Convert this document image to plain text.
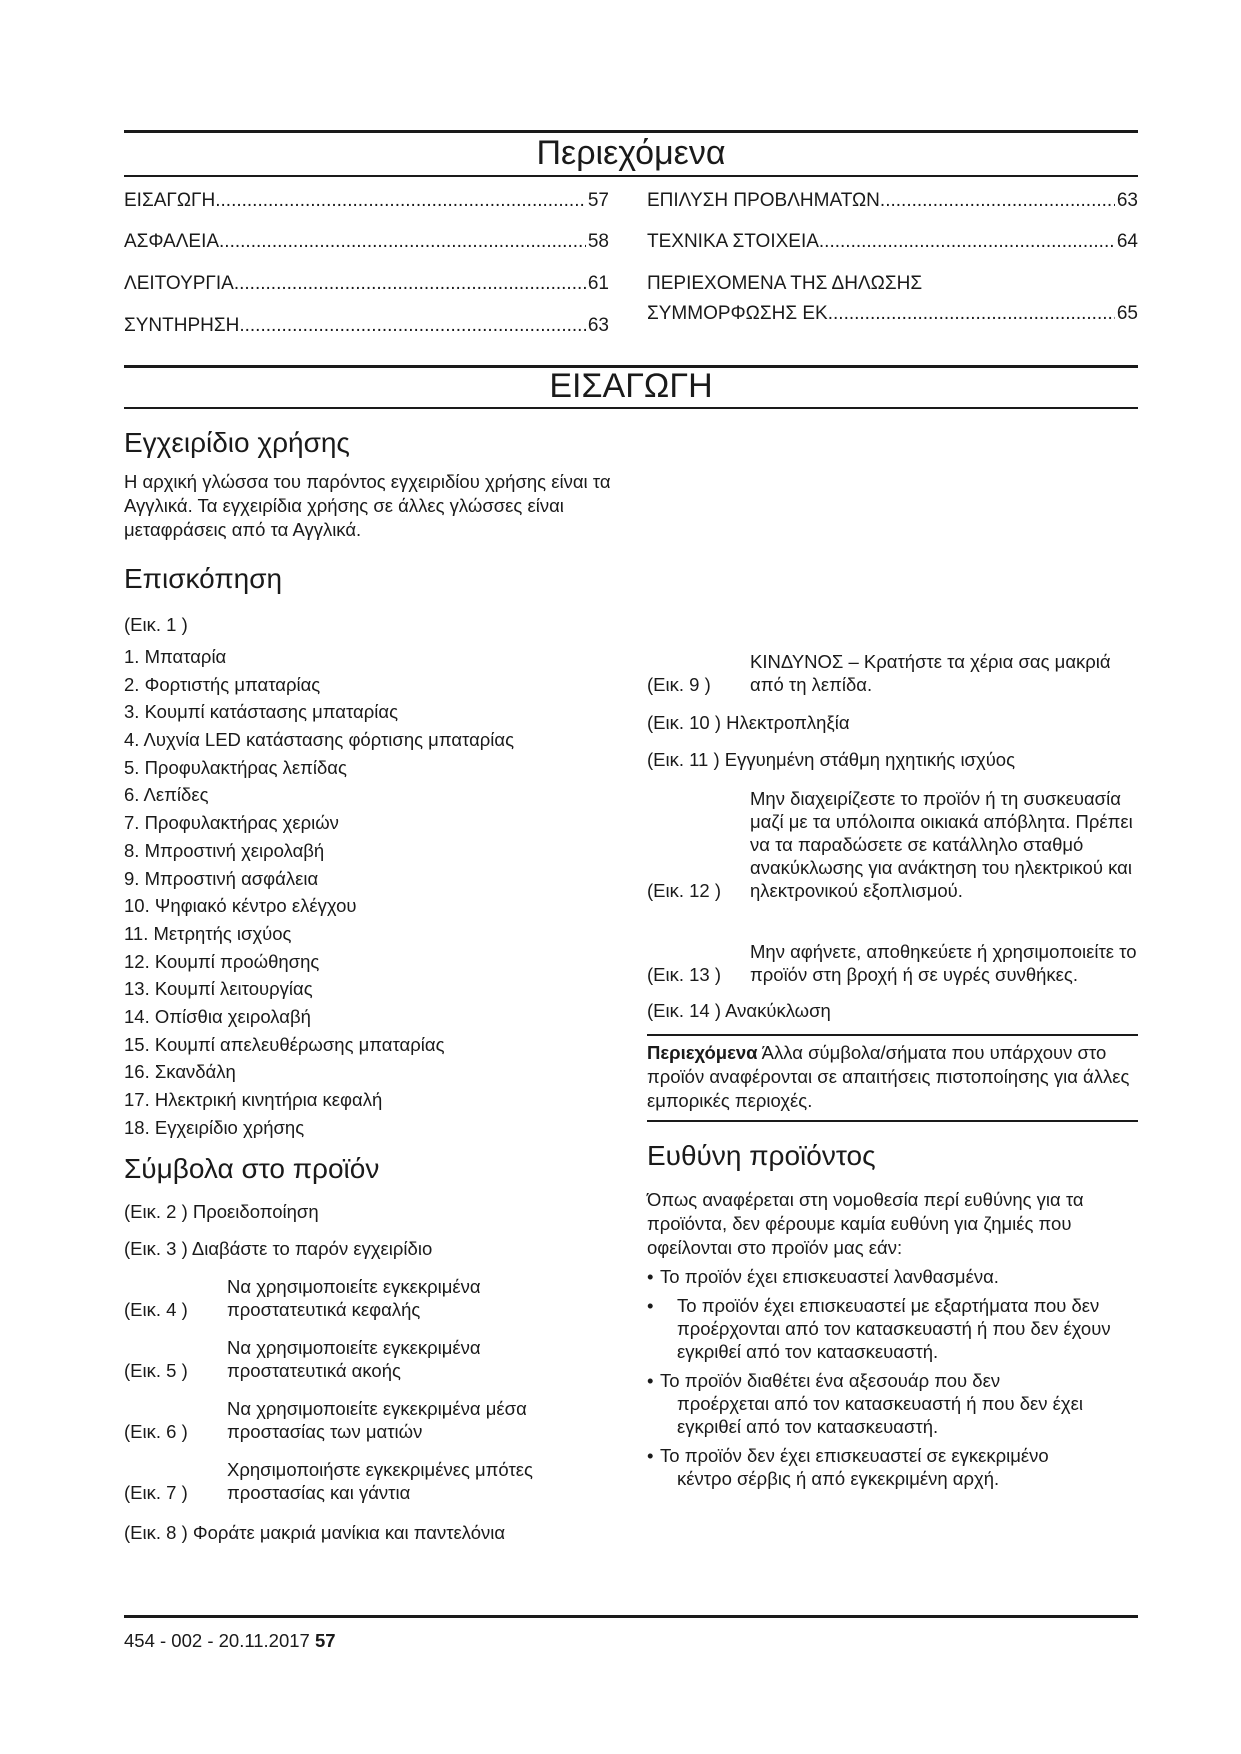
Περιεχόμενα
ΕΙΣΑΓΩΓΗ .....	57
ΑΣΦΑΛΕΙΑ .....	58
ΛΕΙΤΟΥΡΓΙΑ .....	61
ΣΥΝΤΗΡΗΣΗ .....	63
ΕΠΙΛΥΣΗ ΠΡΟΒΛΗΜΑΤΩΝ .....	63
ΤΕΧΝΙΚΑ ΣΤΟΙΧΕΙΑ .....	64
ΠΕΡΙΕΧΟΜΕΝΑ ΤΗΣ ΔΗΛΩΣΗΣ
ΣΥΜΜΟΡΦΩΣΗΣ ΕΚ .....	65
ΕΙΣΑΓΩΓΗ
Εγχειρίδιο χρήσης

Η αρχική γλώσσα του παρόντος εγχειριδίου χρήσης είναι τα Αγγλικά. Τα εγχειρίδια χρήσης σε άλλες γλώσσες είναι μεταφράσεις από τα Αγγλικά.

Επισκόπηση
(Εικ. 1 )
1. Μπαταρία
2. Φορτιστής μπαταρίας
3. Κουμπί κατάστασης μπαταρίας
4. Λυχνία LED κατάστασης φόρτισης μπαταρίας
5. Προφυλακτήρας λεπίδας
6. Λεπίδες
7. Προφυλακτήρας χεριών
8. Μπροστινή χειρολαβή
9. Μπροστινή ασφάλεια
10. Ψηφιακό κέντρο ελέγχου
11. Μετρητής ισχύος
12. Κουμπί προώθησης
13. Κουμπί λειτουργίας
14. Οπίσθια χειρολαβή
15. Κουμπί απελευθέρωσης μπαταρίας
16. Σκανδάλη
17. Ηλεκτρική κινητήρια κεφαλή
18. Εγχειρίδιο χρήσης
Σύμβολα στο προϊόν
(Εικ. 2 ) Προειδοποίηση
(Εικ. 3 ) Διαβάστε το παρόν εγχειρίδιο
(Εικ. 4 )
Να χρησιμοποιείτε εγκεκριμένα προστατευτικά κεφαλής
(Εικ. 5 )
Να χρησιμοποιείτε εγκεκριμένα προστατευτικά ακοής
(Εικ. 6 )
Να χρησιμοποιείτε εγκεκριμένα μέσα προστασίας των ματιών
(Εικ. 7 )
Χρησιμοποιήστε εγκεκριμένες μπότες προστασίας και γάντια
(Εικ. 8 ) Φοράτε μακριά μανίκια και παντελόνια
(Εικ. 9 )
ΚΙΝΔΥΝΟΣ – Κρατήστε τα χέρια σας μακριά από τη λεπίδα.
(Εικ. 10 ) Ηλεκτροπληξία
(Εικ. 11 ) Εγγυημένη στάθμη ηχητικής ισχύος
(Εικ. 12 )
Μην διαχειρίζεστε το προϊόν ή τη συσκευασία μαζί με τα υπόλοιπα οικιακά απόβλητα. Πρέπει να τα παραδώσετε σε κατάλληλο σταθμό ανακύκλωσης για ανάκτηση του ηλεκτρικού και ηλεκτρονικού εξοπλισμού.
(Εικ. 13 )
Μην αφήνετε, αποθηκεύετε ή χρησιμοποιείτε το προϊόν στη βροχή ή σε υγρές συνθήκες.
(Εικ. 14 ) Ανακύκλωση

Περιεχόμενα Άλλα σύμβολα/σήματα που υπάρχουν στο προϊόν αναφέρονται σε απαιτήσεις πιστοποίησης για άλλες εμπορικές περιοχές.

Ευθύνη προϊόντος

Όπως αναφέρεται στη νομοθεσία περί ευθύνης για τα προϊόντα, δεν φέρουμε καμία ευθύνη για ζημιές που οφείλονται στο προϊόν μας εάν:

• Το προϊόν έχει επισκευαστεί λανθασμένα.
• Το προϊόν έχει επισκευαστεί με εξαρτήματα που δεν
προέρχονται από τον κατασκευαστή ή που δεν έχουν εγκριθεί από τον κατασκευαστή.
• Το προϊόν διαθέτει ένα αξεσουάρ που δεν
προέρχεται από τον κατασκευαστή ή που δεν έχει εγκριθεί από τον κατασκευαστή.
• Το προϊόν δεν έχει επισκευαστεί σε εγκεκριμένο
κέντρο σέρβις ή από εγκεκριμένη αρχή.
454 - 002 - 20.11.2017 57
